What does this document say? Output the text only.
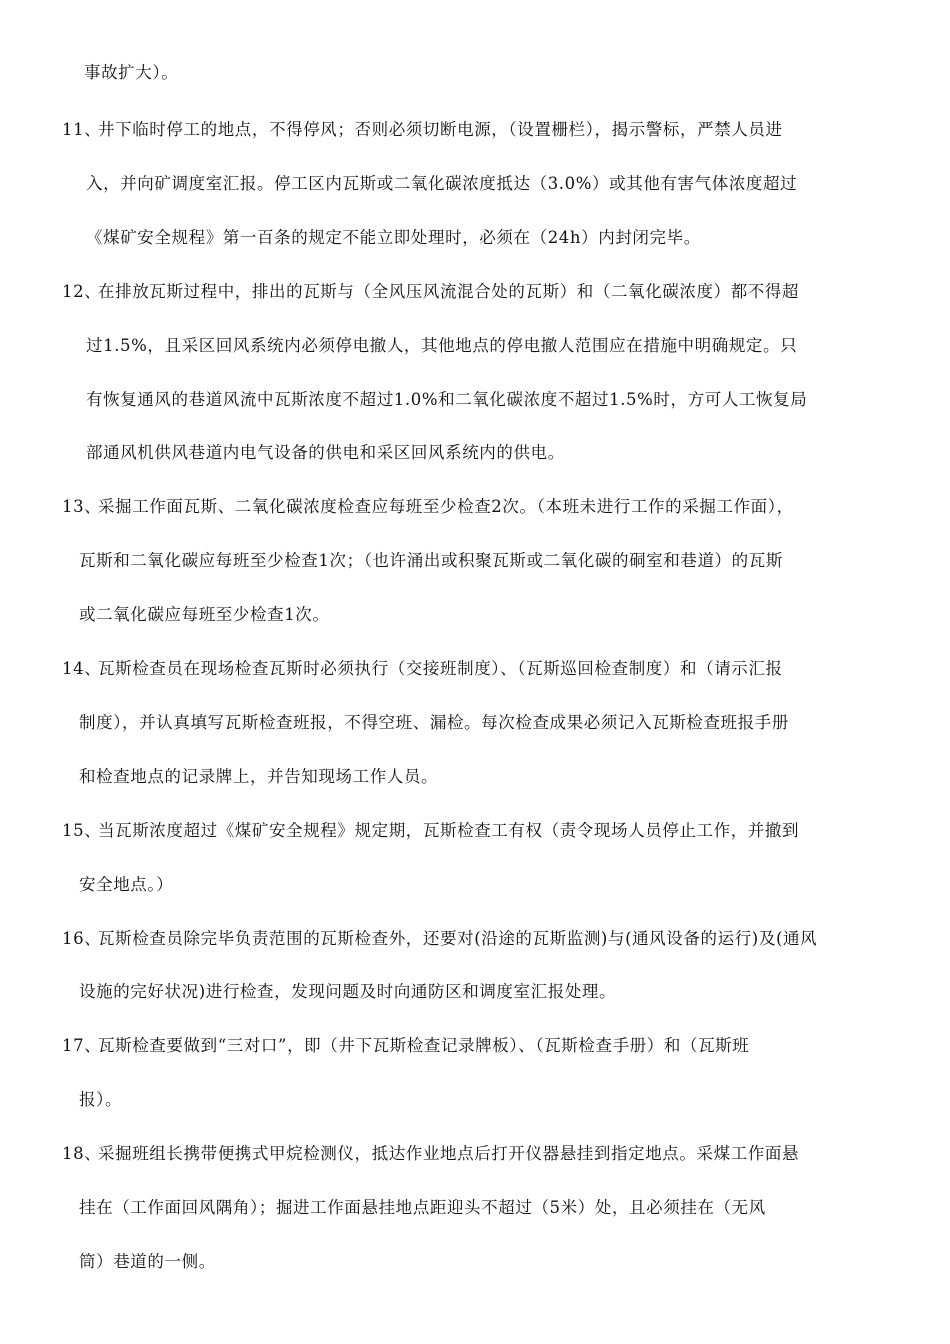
事故扩大）。
11、
井下临时停工的地点，不得停风；否则必须切断电源，（设置栅栏），揭示警标，严禁人员进
入，并向矿调度室汇报。停工区内瓦斯或二氧化碳浓度抵达（3.0%）或其他有害气体浓度超过
《煤矿安全规程》第一百条的规定不能立即处理时，必须在（24h）内封闭完毕。
12、
在排放瓦斯过程中，排出的瓦斯与（全风压风流混合处的瓦斯）和（二氧化碳浓度）都不得超
过1.5%，且采区回风系统内必须停电撤人，其他地点的停电撤人范围应在措施中明确规定。只
有恢复通风的巷道风流中瓦斯浓度不超过1.0%和二氧化碳浓度不超过1.5%时，方可人工恢复局
部通风机供风巷道内电气设备的供电和采区回风系统内的供电。
13、
采掘工作面瓦斯、二氧化碳浓度检查应每班至少检查2次。（本班未进行工作的采掘工作面），
瓦斯和二氧化碳应每班至少检查1次；（也许涌出或积聚瓦斯或二氧化碳的硐室和巷道）的瓦斯
或二氧化碳应每班至少检查1次。
14、
瓦斯检查员在现场检查瓦斯时必须执行（交接班制度）、（瓦斯巡回检查制度）和（请示汇报
制度），并认真填写瓦斯检查班报，不得空班、漏检。每次检查成果必须记入瓦斯检查班报手册
和检查地点的记录牌上，并告知现场工作人员。
15、
当瓦斯浓度超过《煤矿安全规程》规定期，瓦斯检查工有权（责令现场人员停止工作，并撤到
安全地点。）
16、
瓦斯检查员除完毕负责范围的瓦斯检查外，还要对(沿途的瓦斯监测)与(通风设备的运行)及(通风
设施的完好状况)进行检查，发现问题及时向通防区和调度室汇报处理。
17、
瓦斯检查要做到“三对口”，即（井下瓦斯检查记录牌板）、（瓦斯检查手册）和（瓦斯班
报）。
18、
采掘班组长携带便携式甲烷检测仪，抵达作业地点后打开仪器悬挂到指定地点。采煤工作面悬
挂在（工作面回风隅角）；掘进工作面悬挂地点距迎头不超过（5米）处，且必须挂在（无风
筒）巷道的一侧。
